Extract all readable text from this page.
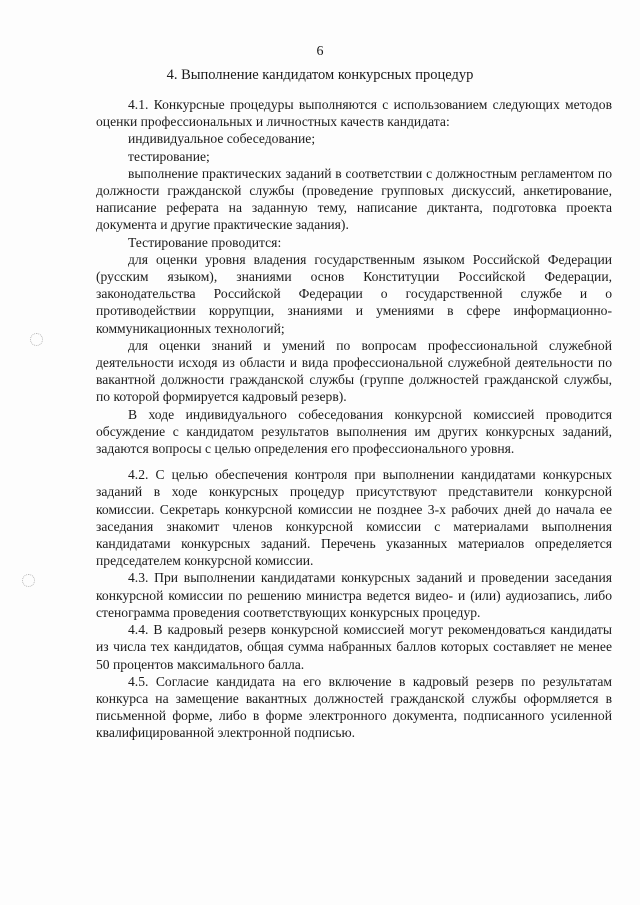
6
4. Выполнение кандидатом конкурсных процедур

4.1. Конкурсные процедуры выполняются с использованием следующих методов оценки профессиональных и личностных качеств кандидата:

индивидуальное собеседование;

тестирование;

выполнение практических заданий в соответствии с должностным регламентом по должности гражданской службы (проведение групповых дискуссий, анкетирование, написание реферата на заданную тему, написание диктанта, подготовка проекта документа и другие практические задания).

Тестирование проводится:

для оценки уровня владения государственным языком Российской Федерации (русским языком), знаниями основ Конституции Российской Федерации, законодательства Российской Федерации о государственной службе и о противодействии коррупции, знаниями и умениями в сфере информационно-коммуникационных технологий;

для оценки знаний и умений по вопросам профессиональной служебной деятельности исходя из области и вида профессиональной служебной деятельности по вакантной должности гражданской службы (группе должностей гражданской службы, по которой формируется кадровый резерв).

В ходе индивидуального собеседования конкурсной комиссией проводится обсуждение с кандидатом результатов выполнения им других конкурсных заданий, задаются вопросы с целью определения его профессионального уровня.

4.2. С целью обеспечения контроля при выполнении кандидатами конкурсных заданий в ходе конкурсных процедур присутствуют представители конкурсной комиссии. Секретарь конкурсной комиссии не позднее 3-х рабочих дней до начала ее заседания знакомит членов конкурсной комиссии с материалами выполнения кандидатами конкурсных заданий. Перечень указанных материалов определяется председателем конкурсной комиссии.

4.3. При выполнении кандидатами конкурсных заданий и проведении заседания конкурсной комиссии по решению министра ведется видео- и (или) аудиозапись, либо стенограмма проведения соответствующих конкурсных процедур.

4.4. В кадровый резерв конкурсной комиссией могут рекомендоваться кандидаты из числа тех кандидатов, общая сумма набранных баллов которых составляет не менее 50 процентов максимального балла.

4.5. Согласие кандидата на его включение в кадровый резерв по результатам конкурса на замещение вакантных должностей гражданской службы оформляется в письменной форме, либо в форме электронного документа, подписанного усиленной квалифицированной электронной подписью.
